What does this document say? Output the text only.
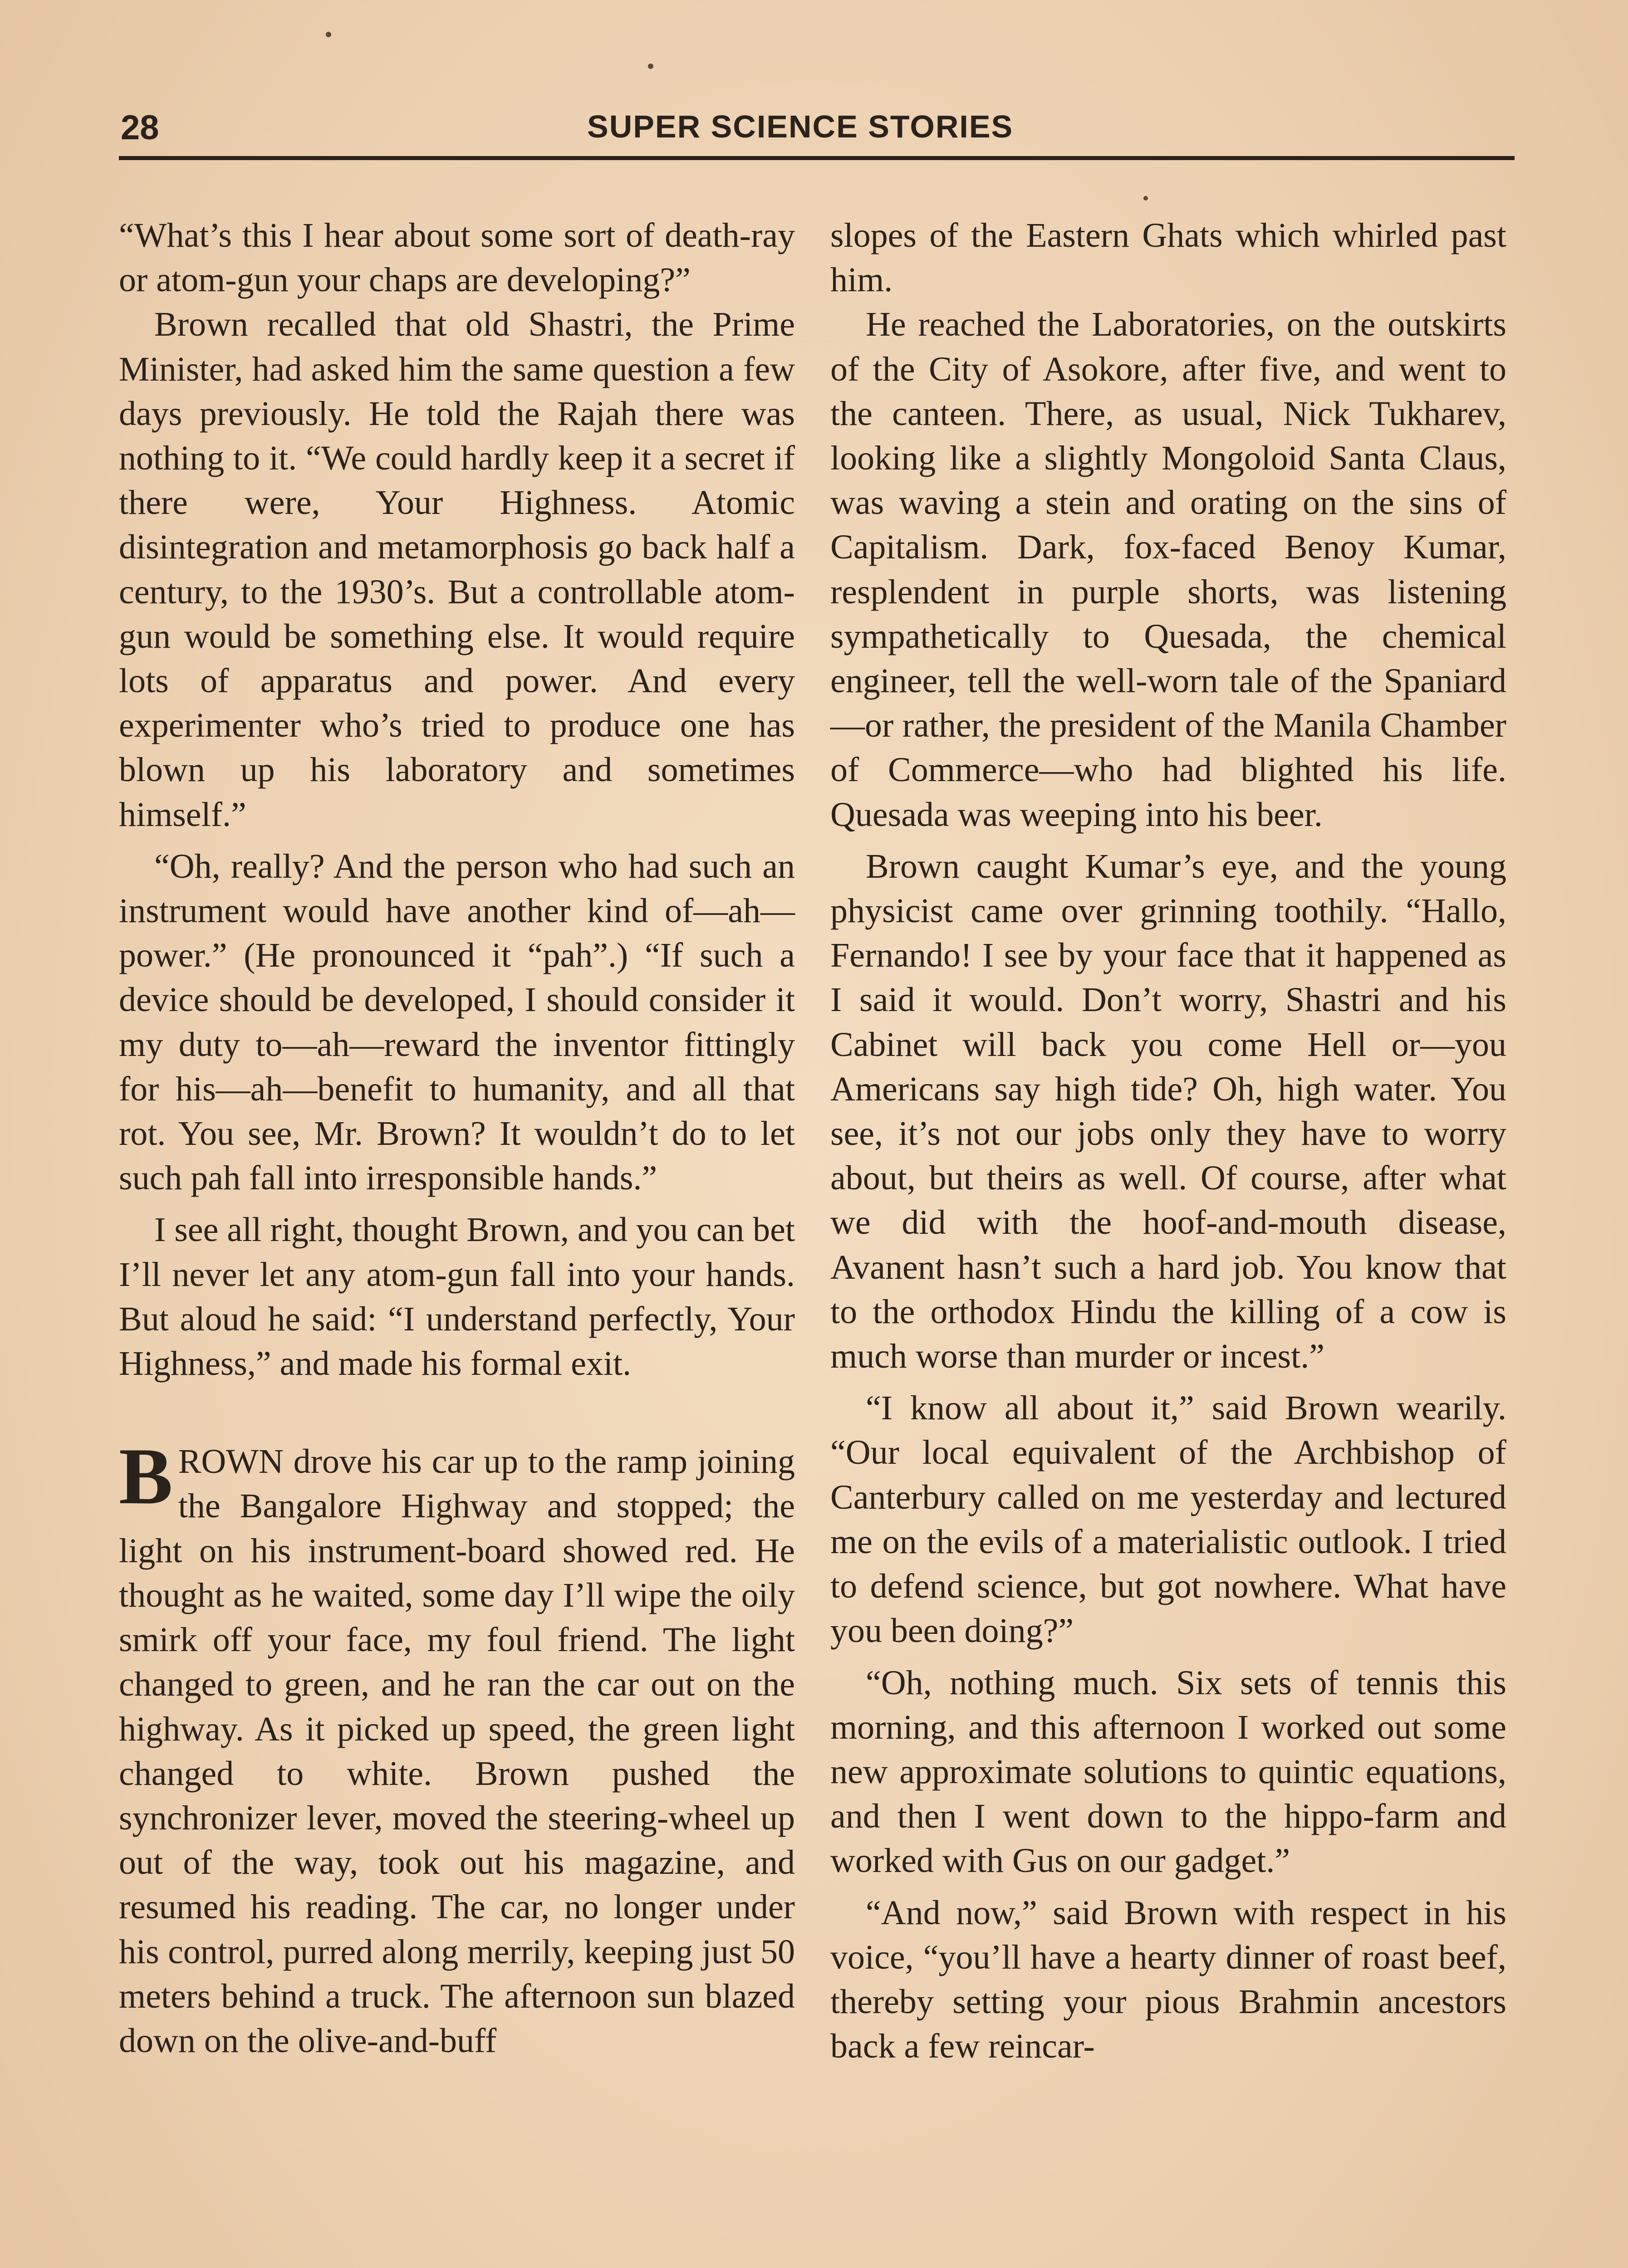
28	SUPER SCIENCE STORIES

“What’s this I hear about some sort of death-ray or atom-gun your chaps are developing?”

Brown recalled that old Shastri, the Prime Minister, had asked him the same question a few days previously. He told the Rajah there was nothing to it. “We could hardly keep it a secret if there were, Your Highness. Atomic disintegration and metamorphosis go back half a century, to the 1930’s. But a controllable atom-gun would be something else. It would require lots of apparatus and power. And every experimenter who’s tried to produce one has blown up his laboratory and sometimes himself.”

“Oh, really? And the person who had such an instrument would have another kind of—ah—power.” (He pronounced it “pah”.) “If such a device should be developed, I should consider it my duty to—ah—reward the inventor fittingly for his—ah—benefit to humanity, and all that rot. You see, Mr. Brown? It wouldn’t do to let such pah fall into irresponsible hands.”

I see all right, thought Brown, and you can bet I’ll never let any atom-gun fall into your hands. But aloud he said: “I understand perfectly, Your Highness,” and made his formal exit.

BROWN drove his car up to the ramp joining the Bangalore Highway and stopped; the light on his instrument-board showed red. He thought as he waited, some day I’ll wipe the oily smirk off your face, my foul friend. The light changed to green, and he ran the car out on the highway. As it picked up speed, the green light changed to white. Brown pushed the synchronizer lever, moved the steering-wheel up out of the way, took out his magazine, and resumed his reading. The car, no longer under his control, purred along merrily, keeping just 50 meters behind a truck. The afternoon sun blazed down on the olive-and-buff

slopes of the Eastern Ghats which whirled past him.

He reached the Laboratories, on the outskirts of the City of Asokore, after five, and went to the canteen. There, as usual, Nick Tukharev, looking like a slightly Mongoloid Santa Claus, was waving a stein and orating on the sins of Capitalism. Dark, fox-faced Benoy Kumar, resplendent in purple shorts, was listening sympathetically to Quesada, the chemical engineer, tell the well-worn tale of the Spaniard—or rather, the president of the Manila Chamber of Commerce—who had blighted his life. Quesada was weeping into his beer.

Brown caught Kumar’s eye, and the young physicist came over grinning toothily. “Hallo, Fernando! I see by your face that it happened as I said it would. Don’t worry, Shastri and his Cabinet will back you come Hell or—you Americans say high tide? Oh, high water. You see, it’s not our jobs only they have to worry about, but theirs as well. Of course, after what we did with the hoof-and-mouth disease, Avanent hasn’t such a hard job. You know that to the orthodox Hindu the killing of a cow is much worse than murder or incest.”

“I know all about it,” said Brown wearily. “Our local equivalent of the Archbishop of Canterbury called on me yesterday and lectured me on the evils of a materialistic outlook. I tried to defend science, but got nowhere. What have you been doing?”

“Oh, nothing much. Six sets of tennis this morning, and this afternoon I worked out some new approximate solutions to quintic equations, and then I went down to the hippo-farm and worked with Gus on our gadget.”

“And now,” said Brown with respect in his voice, “you’ll have a hearty dinner of roast beef, thereby setting your pious Brahmin ancestors back a few reincar-
